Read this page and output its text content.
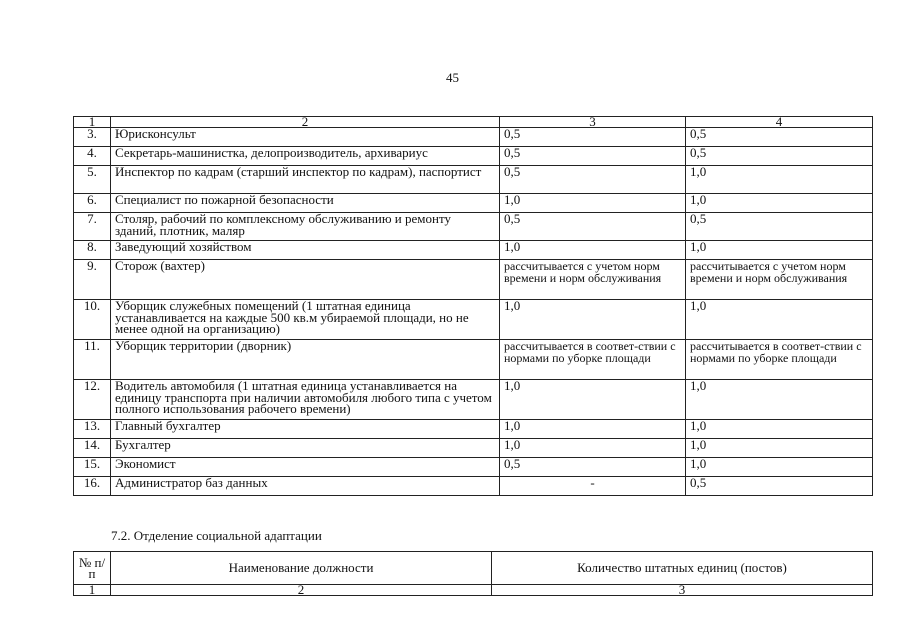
45
1	2	3	4
3.	Юрисконсульт	0,5	0,5
4.	Секретарь-машинистка, делопроизводитель, архивариус	0,5	0,5
5.	Инспектор по кадрам (старший инспектор по кадрам), паспортист	0,5	1,0
6.	Специалист по пожарной безопасности	1,0	1,0
7.	Столяр, рабочий по комплексному обслуживанию и ремонту зданий, плотник, маляр	0,5	0,5
8.	Заведующий хозяйством	1,0	1,0
9.	Сторож (вахтер)	рассчитывается с учетом норм времени и норм обслуживания	рассчитывается с учетом норм времени и норм обслуживания
10.	Уборщик служебных помещений (1 штатная единица устанавливается на каждые 500 кв.м убираемой площади, но не менее одной на организацию)	1,0	1,0
11.	Уборщик территории (дворник)	рассчитывается в соответ-ствии с нормами по уборке площади	рассчитывается в соответ-ствии с нормами по уборке площади
12.	Водитель автомобиля (1 штатная единица устанавливается на единицу транспорта при наличии автомобиля любого типа с учетом полного использования рабочего времени)	1,0	1,0
13.	Главный бухгалтер	1,0	1,0
14.	Бухгалтер	1,0	1,0
15.	Экономист	0,5	1,0
16.	Администратор баз данных	-	0,5
7.2. Отделение социальной адаптации
№ п/п	Наименование должности	Количество штатных единиц (постов)
1	2	3
